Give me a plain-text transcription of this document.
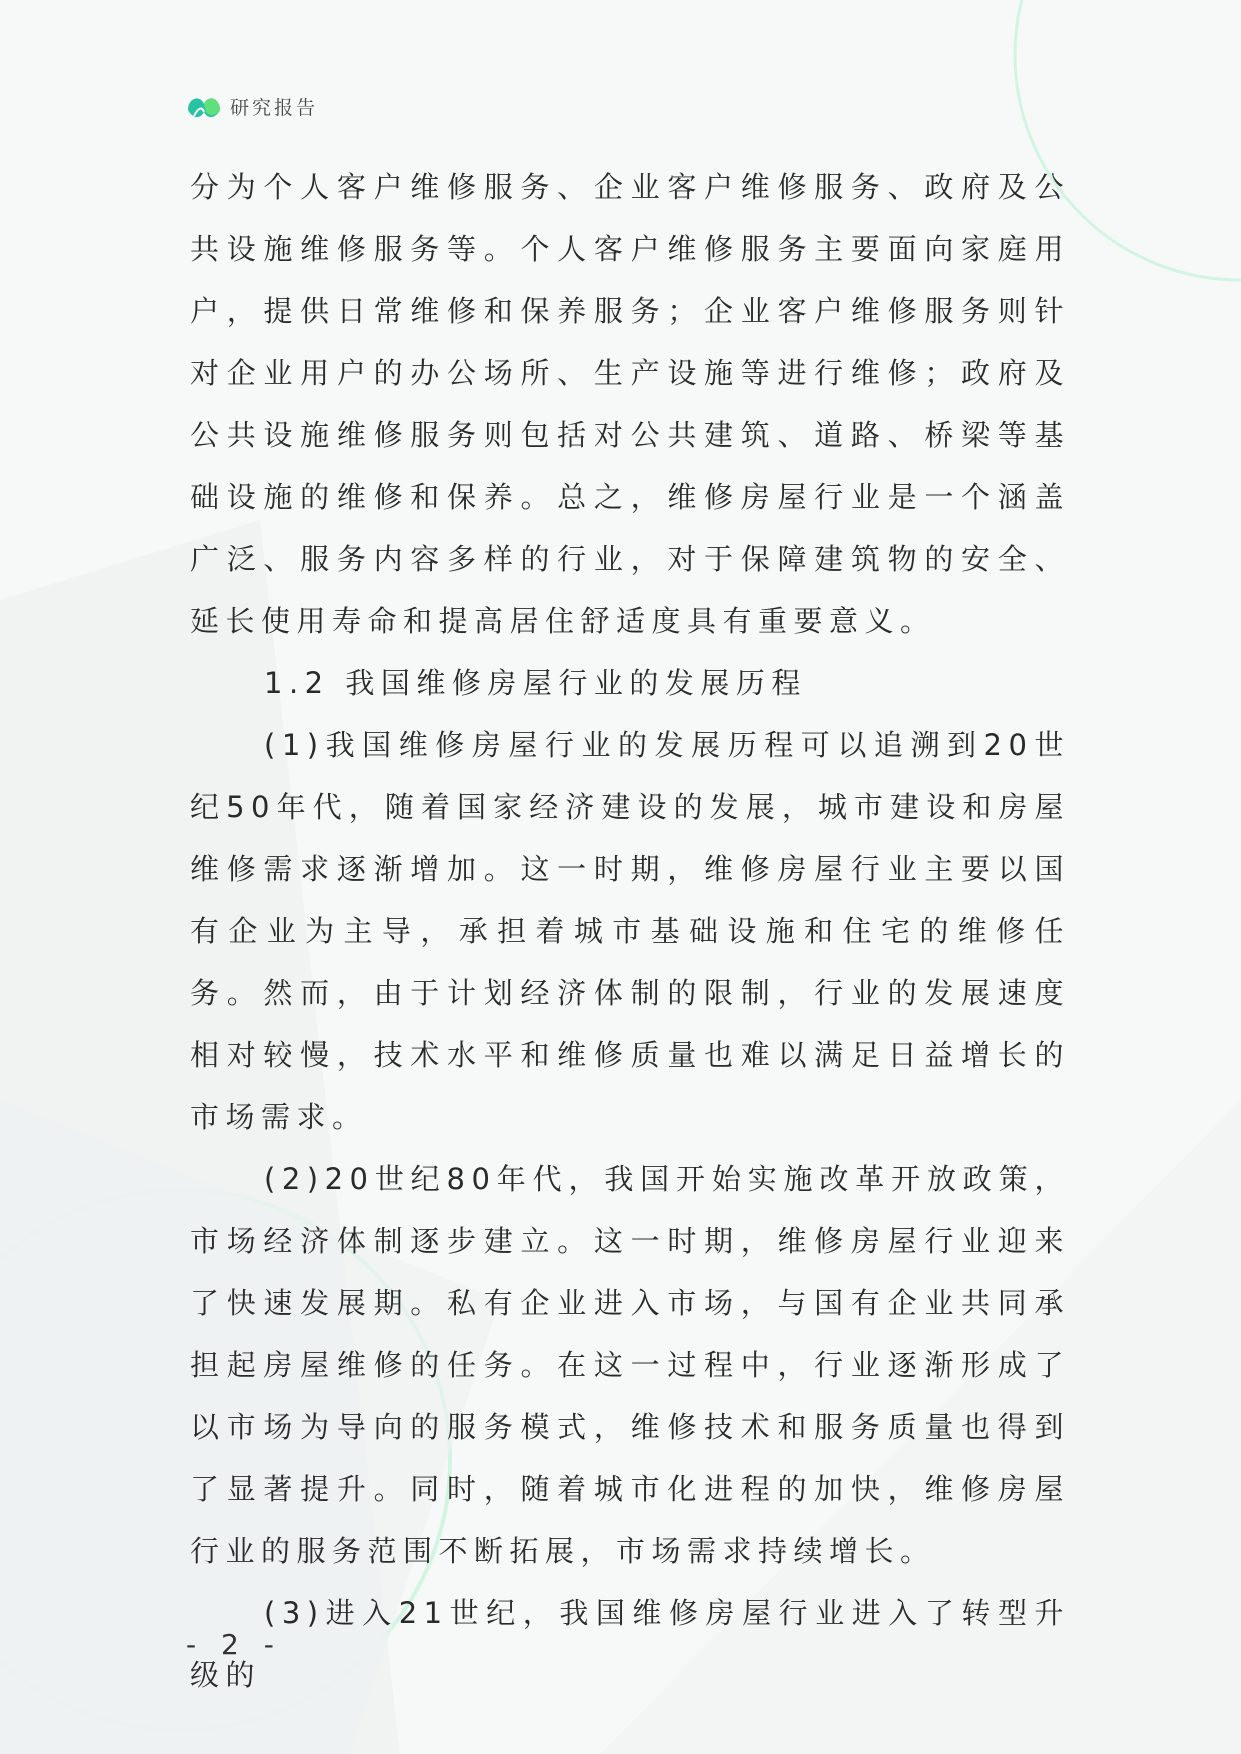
研究报告

分为个人客户维修服务、企业客户维修服务、政府及公共设施维修服务等。个人客户维修服务主要面向家庭用户，提供日常维修和保养服务；企业客户维修服务则针对企业用户的办公场所、生产设施等进行维修；政府及公共设施维修服务则包括对公共建筑、道路、桥梁等基础设施的维修和保养。总之，维修房屋行业是一个涵盖广泛、服务内容多样的行业，对于保障建筑物的安全、延长使用寿命和提高居住舒适度具有重要意义。

1.2 我国维修房屋行业的发展历程

(1)我国维修房屋行业的发展历程可以追溯到20世纪50年代，随着国家经济建设的发展，城市建设和房屋维修需求逐渐增加。这一时期，维修房屋行业主要以国有企业为主导，承担着城市基础设施和住宅的维修任务。然而，由于计划经济体制的限制，行业的发展速度相对较慢，技术水平和维修质量也难以满足日益增长的市场需求。

(2)20世纪80年代，我国开始实施改革开放政策，市场经济体制逐步建立。这一时期，维修房屋行业迎来了快速发展期。私有企业进入市场，与国有企业共同承担起房屋维修的任务。在这一过程中，行业逐渐形成了以市场为导向的服务模式，维修技术和服务质量也得到了显著提升。同时，随着城市化进程的加快，维修房屋行业的服务范围不断拓展，市场需求持续增长。

(3)进入21世纪，我国维修房屋行业进入了转型升级的

- 2 -
